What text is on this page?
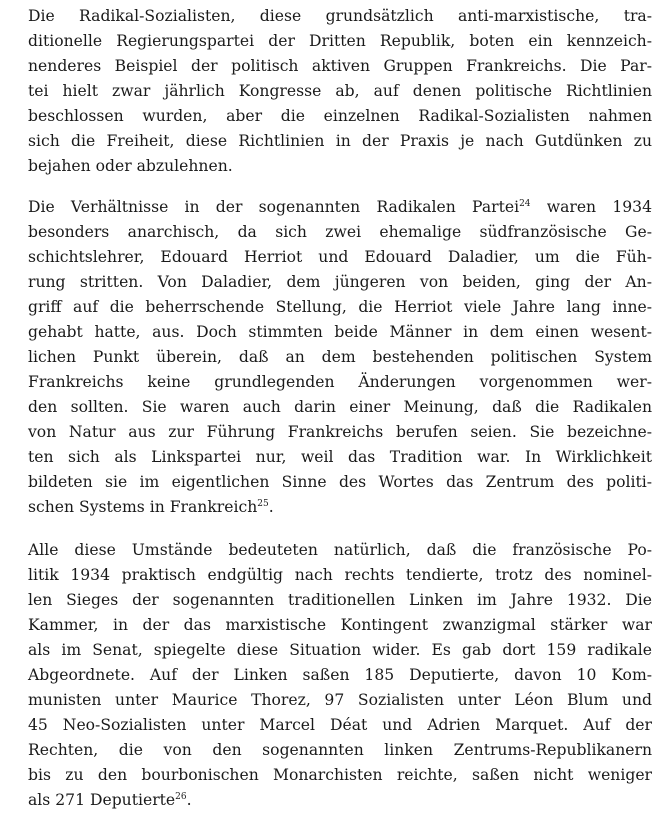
Die Radikal-Sozialisten, diese grundsätzlich anti-marxistische, tra-
ditionelle Regierungspartei der Dritten Republik, boten ein kennzeich-
nenderes Beispiel der politisch aktiven Gruppen Frankreichs. Die Par-
tei hielt zwar jährlich Kongresse ab, auf denen politische Richtlinien
beschlossen wurden, aber die einzelnen Radikal-Sozialisten nahmen
sich die Freiheit, diese Richtlinien in der Praxis je nach Gutdünken zu
bejahen oder abzulehnen.
Die Verhältnisse in der sogenannten Radikalen Partei$^{24}$ waren 1934
besonders anarchisch, da sich zwei ehemalige südfranzösische Ge-
schichtslehrer, Edouard Herriot und Edouard Daladier, um die Füh-
rung stritten. Von Daladier, dem jüngeren von beiden, ging der An-
griff auf die beherrschende Stellung, die Herriot viele Jahre lang inne-
gehabt hatte, aus. Doch stimmten beide Männer in dem einen wesent-
lichen Punkt überein, daß an dem bestehenden politischen System
Frankreichs keine grundlegenden Änderungen vorgenommen wer-
den sollten. Sie waren auch darin einer Meinung, daß die Radikalen
von Natur aus zur Führung Frankreichs berufen seien. Sie bezeichne-
ten sich als Linkspartei nur, weil das Tradition war. In Wirklichkeit
bildeten sie im eigentlichen Sinne des Wortes das Zentrum des politi-
schen Systems in Frankreich$^{25}$.
Alle diese Umstände bedeuteten natürlich, daß die französische Po-
litik 1934 praktisch endgültig nach rechts tendierte, trotz des nominel-
len Sieges der sogenannten traditionellen Linken im Jahre 1932. Die
Kammer, in der das marxistische Kontingent zwanzigmal stärker war
als im Senat, spiegelte diese Situation wider. Es gab dort 159 radikale
Abgeordnete. Auf der Linken saßen 185 Deputierte, davon 10 Kom-
munisten unter Maurice Thorez, 97 Sozialisten unter Léon Blum und
45 Neo-Sozialisten unter Marcel Déat und Adrien Marquet. Auf der
Rechten, die von den sogenannten linken Zentrums-Republikanern
bis zu den bourbonischen Monarchisten reichte, saßen nicht weniger
als 271 Deputierte$^{26}$.
